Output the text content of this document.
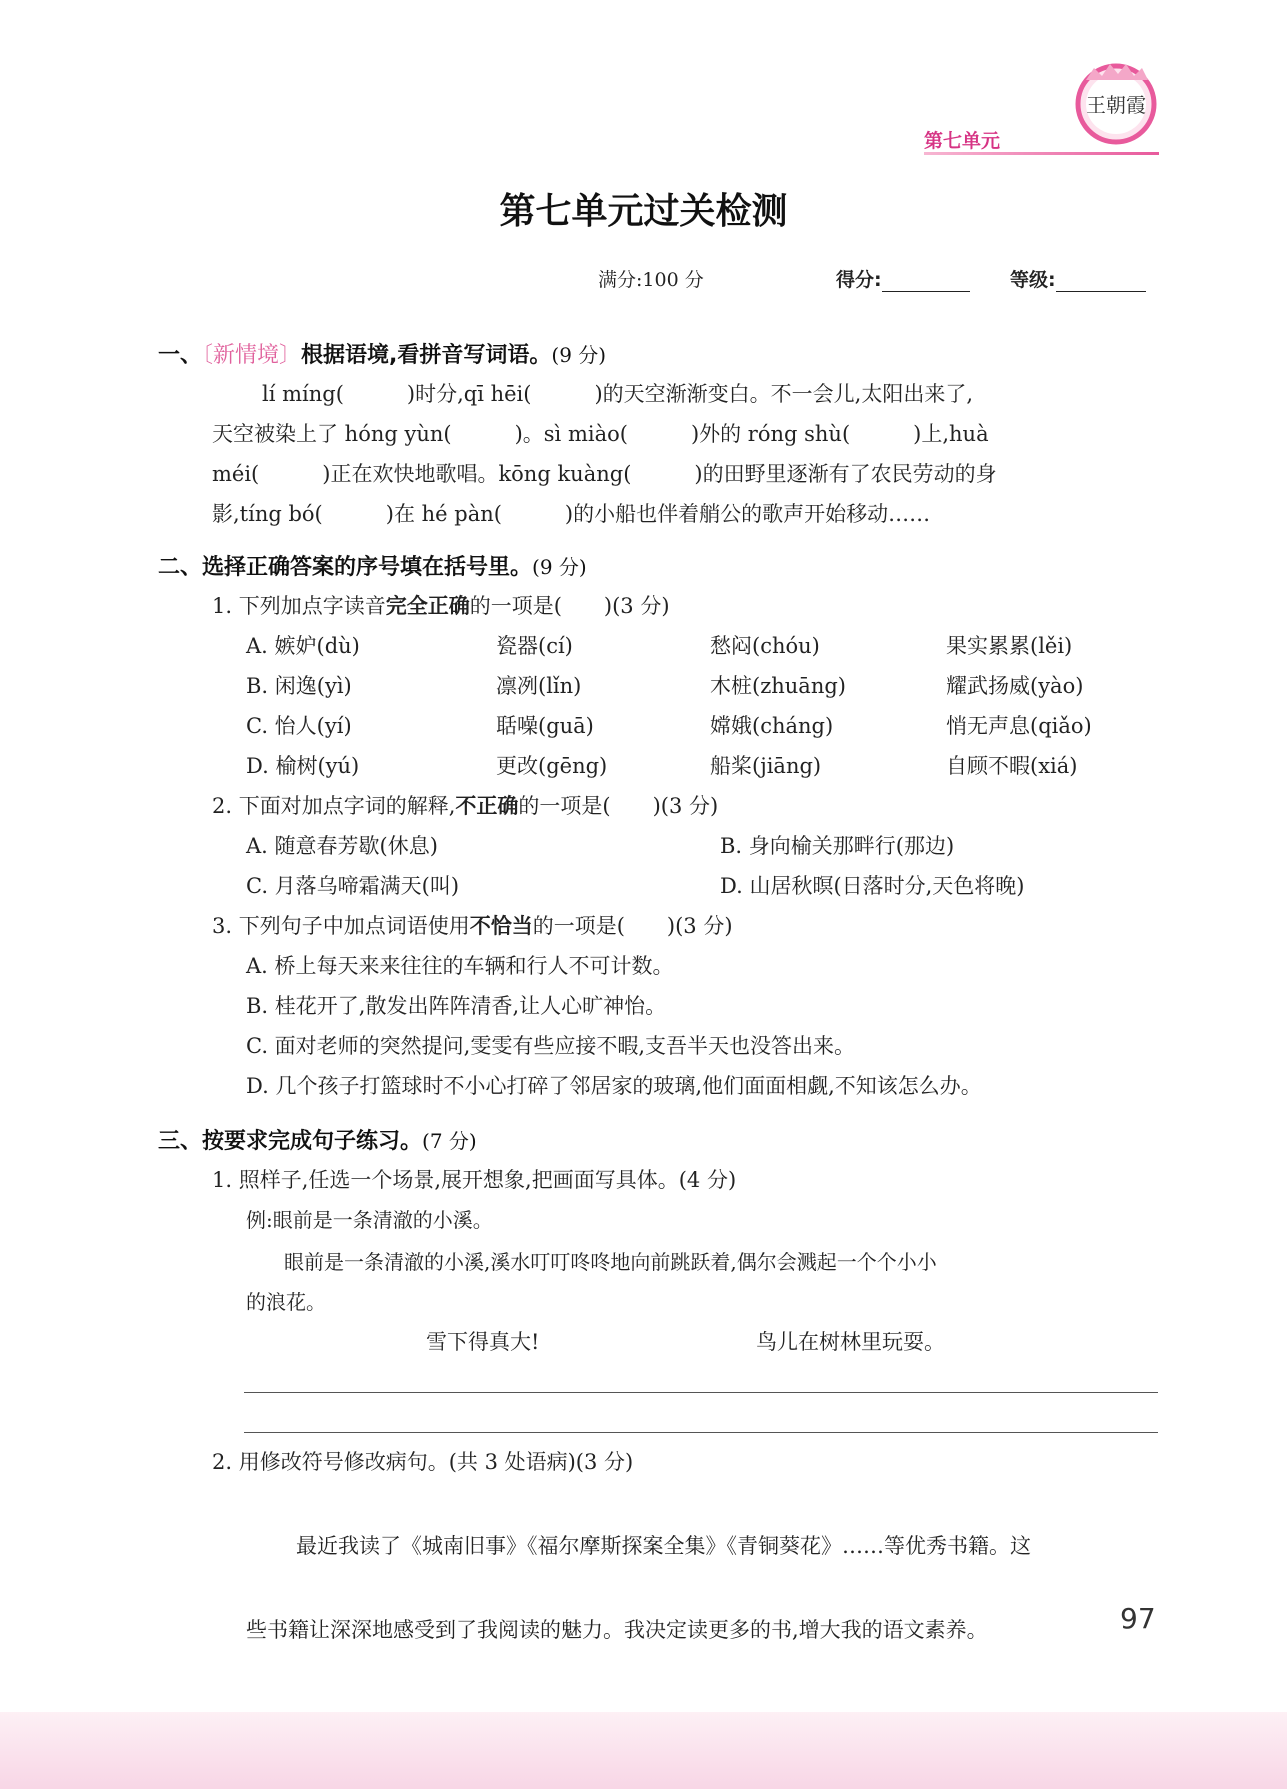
王朝霞
第七单元
第七单元过关检测
满分:100 分	得分:	等级:
一、〔新情境〕根据语境,看拼音写词语。(9 分)
lí míng(　　　)时分,qī hēi(　　　)的天空渐渐变白。不一会儿,太阳出来了,
天空被染上了 hóng yùn(　　　)。sì miào(　　　)外的 róng shù(　　　)上,huà
méi(　　　)正在欢快地歌唱。kōng kuàng(　　　)的田野里逐渐有了农民劳动的身
影,tíng bó(　　　)在 hé pàn(　　　)的小船也伴着艄公的歌声开始移动……
二、选择正确答案的序号填在括号里。(9 分)
1. 下列加点字读音完全正确的一项是(　　)(3 分)
A. 嫉妒(dù)	瓷器(cí)	愁闷(chóu)	果实累累(lěi)
B. 闲逸(yì)	凛冽(lǐn)	木桩(zhuāng)	耀武扬威(yào)
C. 怡人(yí)	聒噪(guā)	嫦娥(cháng)	悄无声息(qiǎo)
D. 榆树(yú)	更改(gēng)	船桨(jiāng)	自顾不暇(xiá)
2. 下面对加点字词的解释,不正确的一项是(　　)(3 分)
A. 随意春芳歇(休息)	B. 身向榆关那畔行(那边)
C. 月落乌啼霜满天(叫)	D. 山居秋暝(日落时分,天色将晚)
3. 下列句子中加点词语使用不恰当的一项是(　　)(3 分)
A. 桥上每天来来往往的车辆和行人不可计数。
B. 桂花开了,散发出阵阵清香,让人心旷神怡。
C. 面对老师的突然提问,雯雯有些应接不暇,支吾半天也没答出来。
D. 几个孩子打篮球时不小心打碎了邻居家的玻璃,他们面面相觑,不知该怎么办。
三、按要求完成句子练习。(7 分)
1. 照样子,任选一个场景,展开想象,把画面写具体。(4 分)
例:眼前是一条清澈的小溪。
眼前是一条清澈的小溪,溪水叮叮咚咚地向前跳跃着,偶尔会溅起一个个小小
的浪花。
雪下得真大!	鸟儿在树林里玩耍。
2. 用修改符号修改病句。(共 3 处语病)(3 分)
最近我读了《城南旧事》《福尔摩斯探案全集》《青铜葵花》……等优秀书籍。这
些书籍让深深地感受到了我阅读的魅力。我决定读更多的书,增大我的语文素养。	97
